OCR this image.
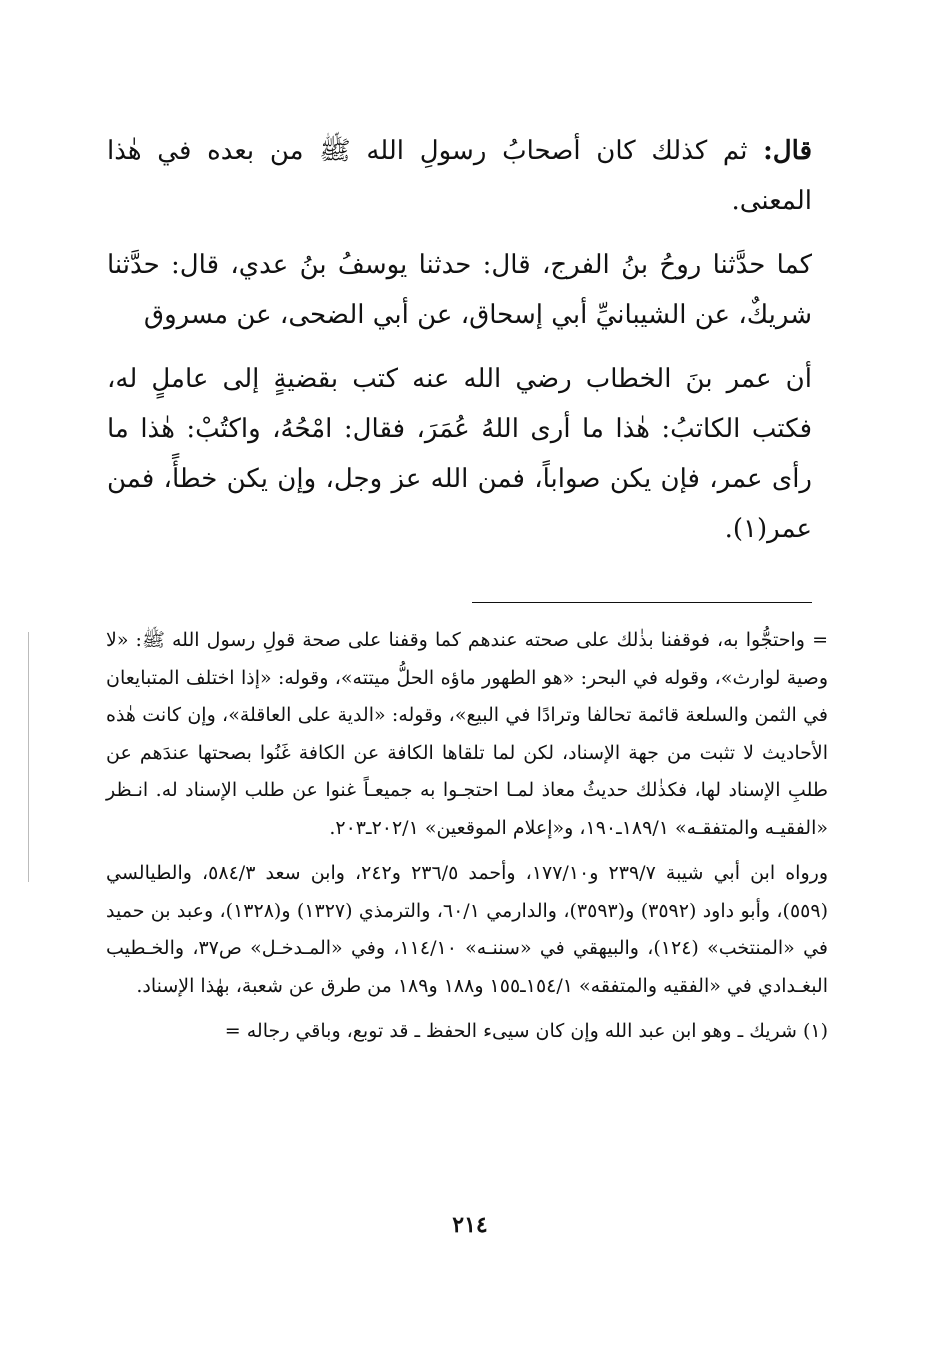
قال: ثم كذلك كان أصحابُ رسولِ الله ﷺ من بعده في هٰذا المعنى.

كما حدَّثنا روحُ بنُ الفرج، قال: حدثنا يوسفُ بنُ عدي، قال: حدَّثنا شريكٌ، عن الشيبانيِّ أبي إسحاق، عن أبي الضحى، عن مسروق

أن عمر بنَ الخطاب رضي الله عنه كتب بقضيةٍ إلى عاملٍ له، فكتب الكاتبُ: هٰذا ما أرى اللهُ عُمَرَ، فقال: امْحُهُ، واكتُبْ: هٰذا ما رأى عمر، فإن يكن صواباً، فمن الله عز وجل، وإن يكن خطأً، فمن عمر(١).

= واحتجُّوا به، فوقفنا بذٰلك على صحته عندهم كما وقفنا على صحة قولِ رسول الله ﷺ: «لا وصية لوارث»، وقوله في البحر: «هو الطهور ماؤه الحلُّ ميتته»، وقوله: «إذا اختلف المتبايعان في الثمن والسلعة قائمة تحالفا وترادًا في البيع»، وقوله: «الدية على العاقلة»، وإن كانت هٰذه الأحاديث لا تثبت من جهة الإسناد، لكن لما تلقاها الكافة عن الكافة غَنُوا بصحتها عندَهم عن طلبِ الإسناد لها، فكذٰلك حديثُ معاذ لمـا احتجـوا به جميعـاً غنوا عن طلب الإسناد له. انـظر «الفقيـه والمتفقـه» ١٨٩/١ـ١٩٠، و«إعلام الموقعين» ٢٠٢/١ـ٢٠٣.

ورواه ابن أبي شيبة ٢٣٩/٧ و١٧٧/١٠، وأحمد ٢٣٦/٥ و٢٤٢، وابن سعد ٥٨٤/٣، والطيالسي (٥٥٩)، وأبو داود (٣٥٩٢) و(٣٥٩٣)، والدارمي ٦٠/١، والترمذي (١٣٢٧) و(١٣٢٨)، وعبد بن حميد في «المنتخب» (١٢٤)، والبيهقي في «سننـه» ١١٤/١٠، وفي «المـدخـل» ص٣٧، والخـطيب البغـدادي في «الفقيه والمتفقه» ١٥٤/١ـ١٥٥ و١٨٨ و١٨٩ من طرق عن شعبة، بهٰذا الإسناد.

(١) شريك ـ وهو ابن عبد الله وإن كان سيىء الحفظ ـ قد توبع، وباقي رجاله =

٢١٤
